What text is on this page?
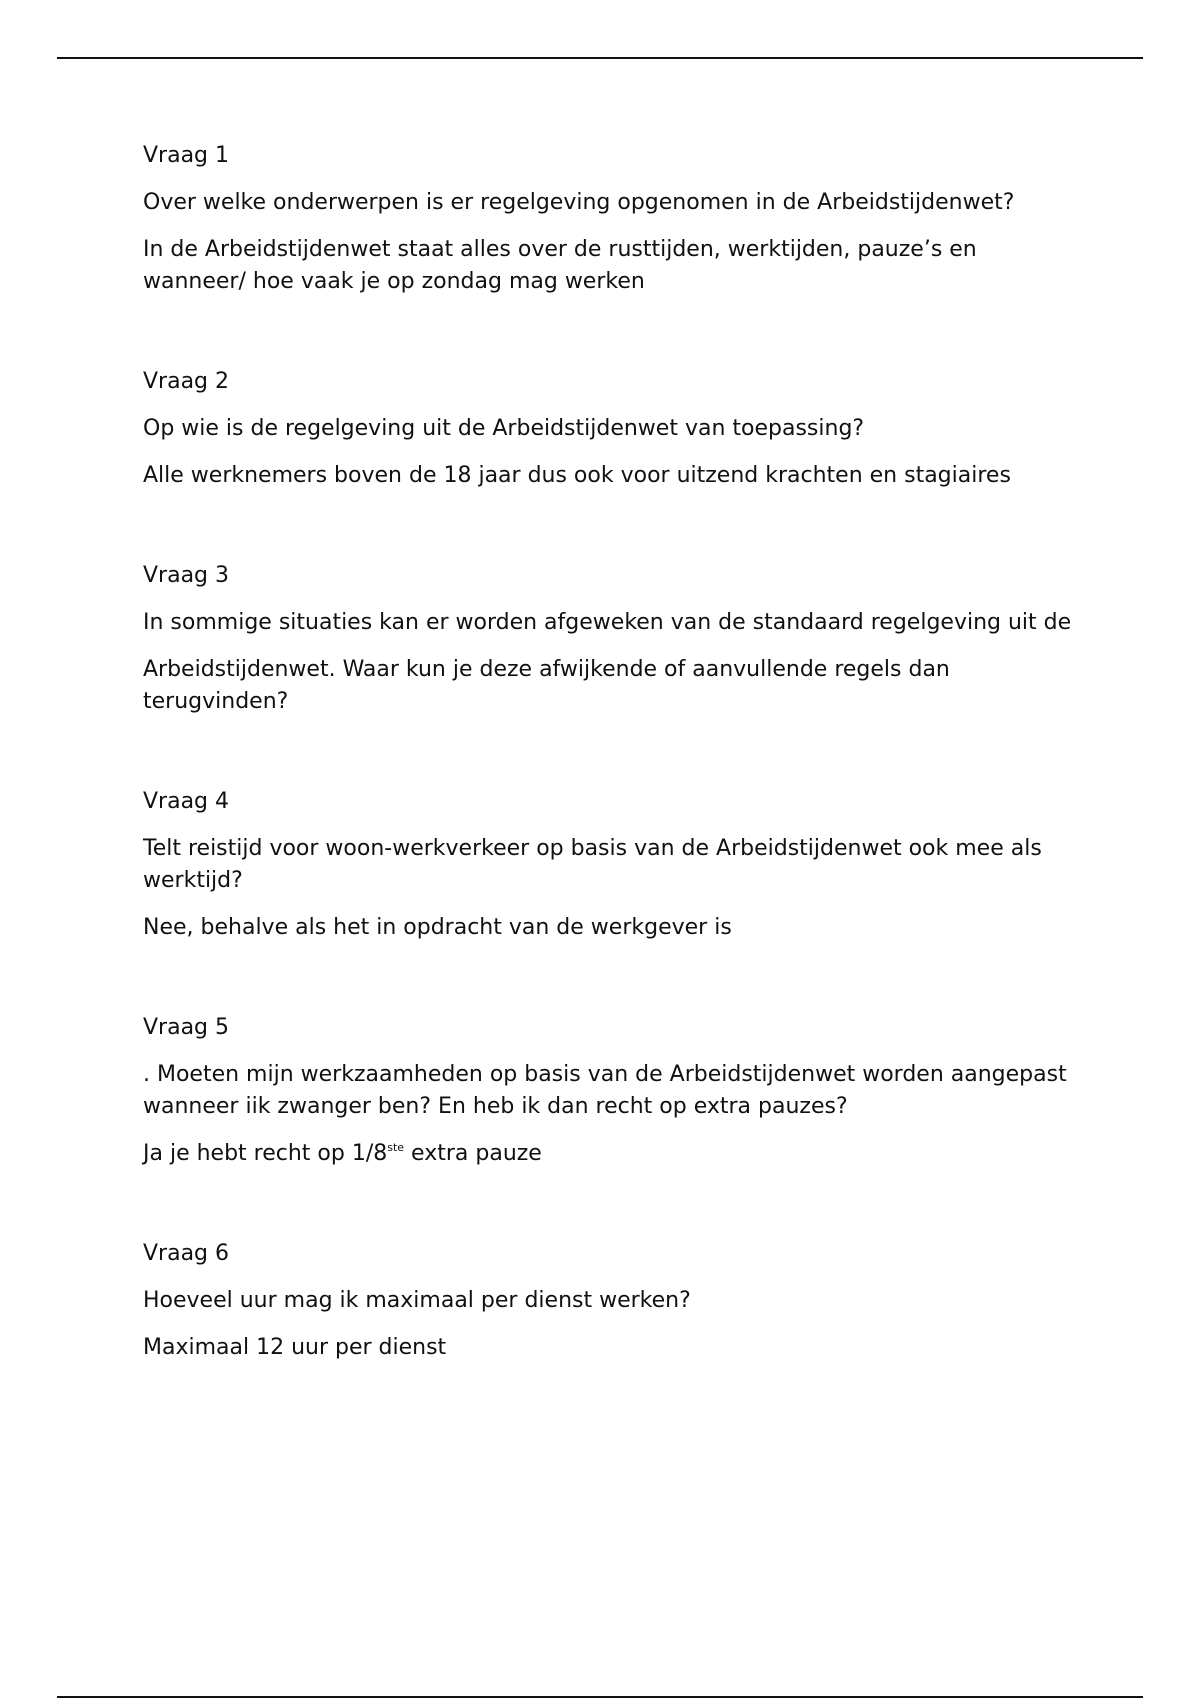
Vraag 1

Over welke onderwerpen is er regelgeving opgenomen in de Arbeidstijdenwet?

In de Arbeidstijdenwet staat alles over de rusttijden, werktijden, pauze’s en wanneer/ hoe vaak je op zondag mag werken

Vraag 2

Op wie is de regelgeving uit de Arbeidstijdenwet van toepassing?

Alle werknemers boven de 18 jaar dus ook voor uitzend krachten en stagiaires

Vraag 3

In sommige situaties kan er worden afgeweken van de standaard regelgeving uit de

Arbeidstijdenwet. Waar kun je deze afwijkende of aanvullende regels dan terugvinden?

Vraag 4

Telt reistijd voor woon-werkverkeer op basis van de Arbeidstijdenwet ook mee als werktijd?

Nee, behalve als het in opdracht van de werkgever is

Vraag 5

. Moeten mijn werkzaamheden op basis van de Arbeidstijdenwet worden aangepast wanneer iik zwanger ben? En heb ik dan recht op extra pauzes?

Ja je hebt recht op 1/8ste extra pauze

Vraag 6

Hoeveel uur mag ik maximaal per dienst werken?

Maximaal 12 uur per dienst
